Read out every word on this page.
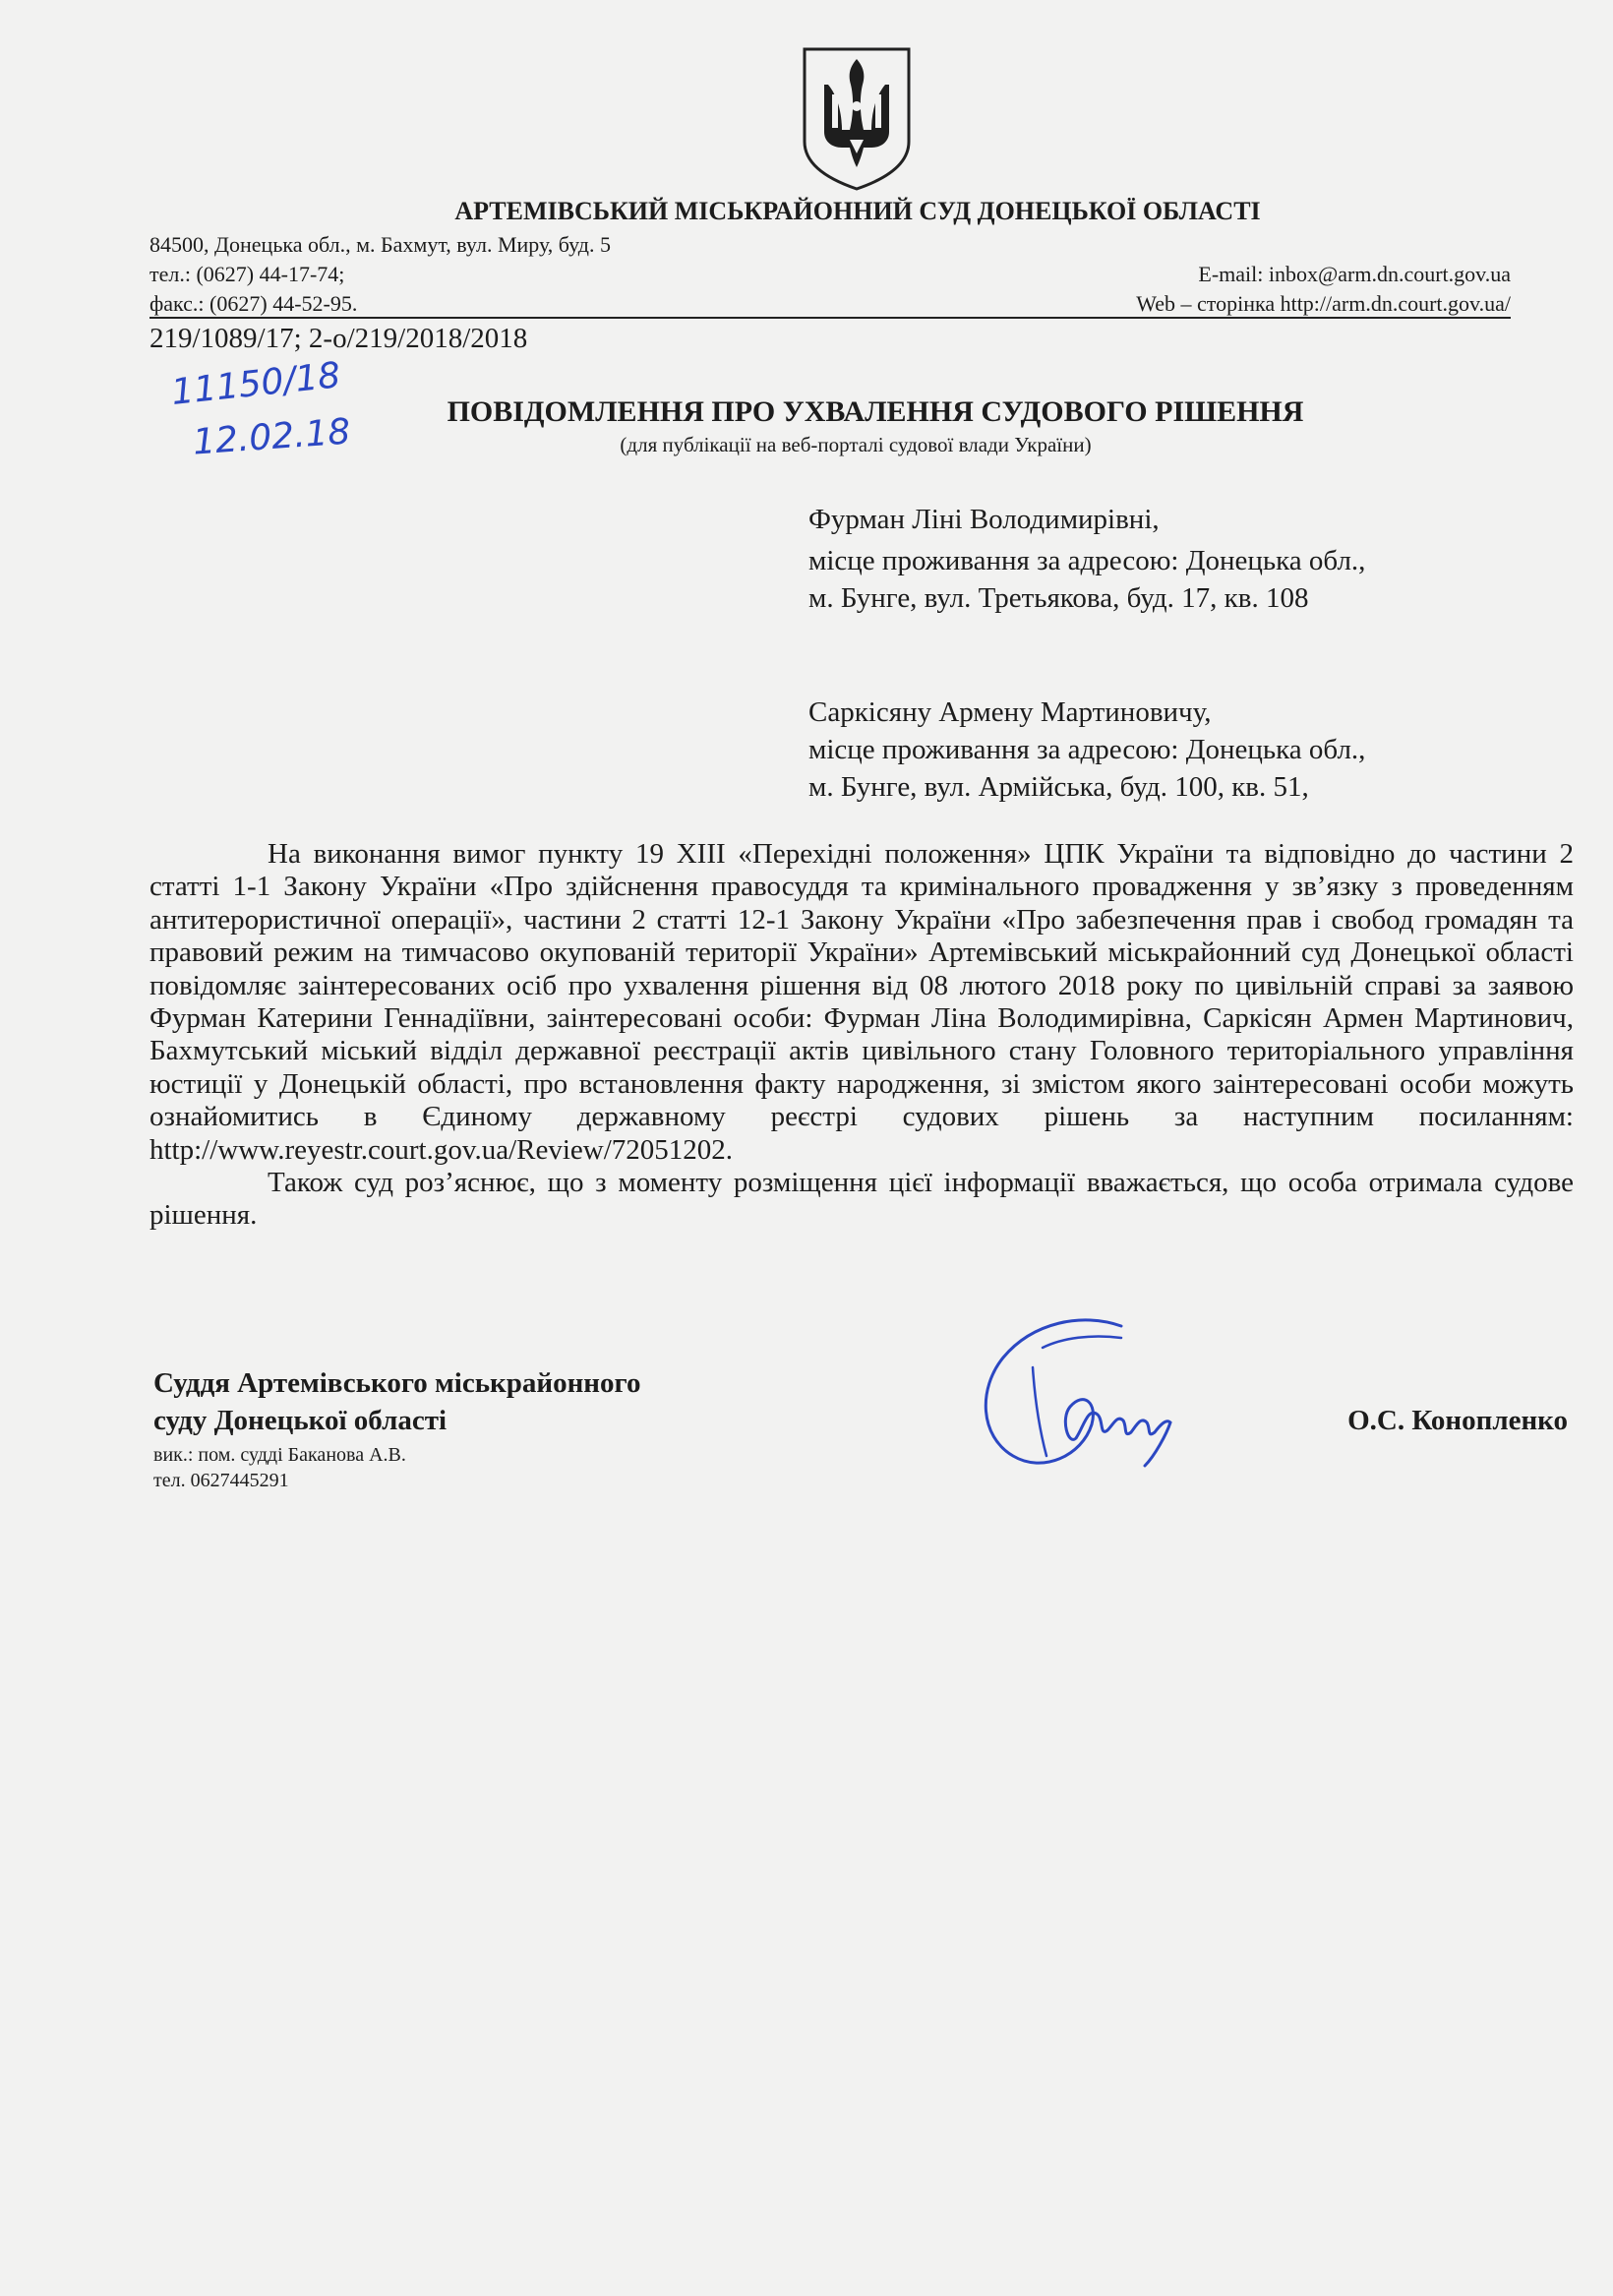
АРТЕМІВСЬКИЙ МІСЬКРАЙОННИЙ СУД ДОНЕЦЬКОЇ ОБЛАСТІ
84500, Донецька обл., м. Бахмут, вул. Миру, буд. 5
тел.: (0627) 44-17-74;
факс.: (0627) 44-52-95.
E-mail: inbox@arm.dn.court.gov.ua
Web – сторінка http://arm.dn.court.gov.ua/
219/1089/17; 2-о/219/2018/2018
11150/18
12.02.18	ПОВІДОМЛЕННЯ ПРО УХВАЛЕННЯ СУДОВОГО РІШЕННЯ
(для публікації на веб-порталі судової влади України)
Фурман Ліні Володимирівні,
місце проживання за адресою: Донецька обл.,
м. Бунге, вул. Третьякова, буд. 17, кв. 108
Саркісяну Армену Мартиновичу,
місце проживання за адресою: Донецька обл.,
м. Бунге, вул. Армійська, буд. 100, кв. 51,

На виконання вимог пункту 19 ХІІІ «Перехідні положення» ЦПК України та відповідно до частини 2 статті 1-1 Закону України «Про здійснення правосуддя та кримінального провадження у зв’язку з проведенням антитерористичної операції», частини 2 статті 12-1 Закону України «Про забезпечення прав і свобод громадян та правовий режим на тимчасово окупованій території України» Артемівський міськрайонний суд Донецької області повідомляє заінтересованих осіб про ухвалення рішення від 08 лютого 2018 року по цивільній справі за заявою Фурман Катерини Геннадіївни, заінтересовані особи: Фурман Ліна Володимирівна, Саркісян Армен Мартинович, Бахмутський міський відділ державної реєстрації актів цивільного стану Головного територіального управління юстиції у Донецькій області, про встановлення факту народження, зі змістом якого заінтересовані особи можуть ознайомитись в Єдиному державному реєстрі судових рішень за наступним посиланням: http://www.reyestr.court.gov.ua/Review/72051202.

Також суд роз’яснює, що з моменту розміщення цієї інформації вважається, що особа отримала судове рішення.

Суддя Артемівського міськрайонного
суду Донецької області
вик.: пом. судді Баканова А.В.
тел. 0627445291
О.С. Конопленко
